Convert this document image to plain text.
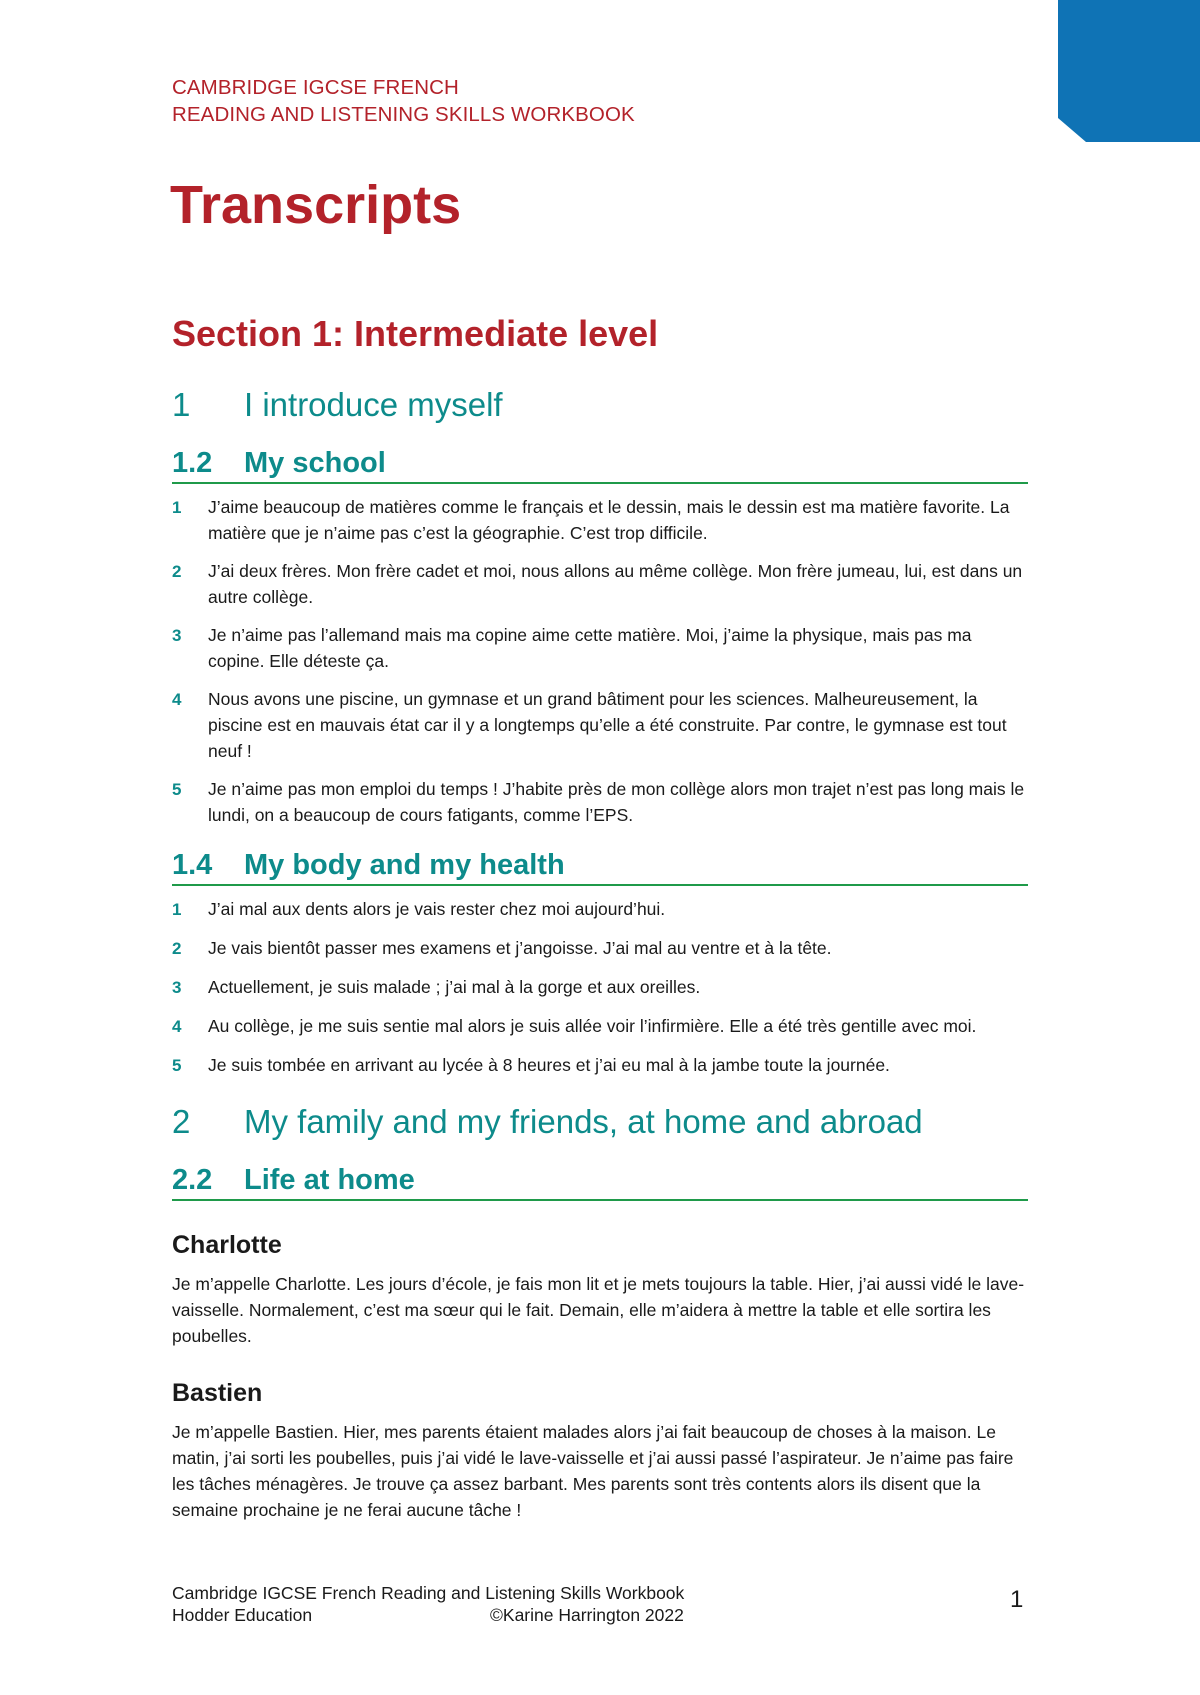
CAMBRIDGE IGCSE FRENCH
READING AND LISTENING SKILLS WORKBOOK
Transcripts
Section 1: Intermediate level
1	I introduce myself
1.2	My school
1	J’aime beaucoup de matières comme le français et le dessin, mais le dessin est ma matière favorite. La matière que je n’aime pas c’est la géographie. C’est trop difficile.
2	J’ai deux frères. Mon frère cadet et moi, nous allons au même collège. Mon frère jumeau, lui, est dans un autre collège.
3	Je n’aime pas l’allemand mais ma copine aime cette matière. Moi, j’aime la physique, mais pas ma copine. Elle déteste ça.
4	Nous avons une piscine, un gymnase et un grand bâtiment pour les sciences. Malheureusement, la piscine est en mauvais état car il y a longtemps qu’elle a été construite. Par contre, le gymnase est tout neuf !
5	Je n’aime pas mon emploi du temps ! J’habite près de mon collège alors mon trajet n’est pas long mais le lundi, on a beaucoup de cours fatigants, comme l’EPS.
1.4	My body and my health
1	J’ai mal aux dents alors je vais rester chez moi aujourd’hui.
2	Je vais bientôt passer mes examens et j’angoisse. J’ai mal au ventre et à la tête.
3	Actuellement, je suis malade ; j’ai mal à la gorge et aux oreilles.
4	Au collège, je me suis sentie mal alors je suis allée voir l’infirmière. Elle a été très gentille avec moi.
5	Je suis tombée en arrivant au lycée à 8 heures et j’ai eu mal à la jambe toute la journée.
2	My family and my friends, at home and abroad
2.2	Life at home
Charlotte

Je m’appelle Charlotte. Les jours d’école, je fais mon lit et je mets toujours la table. Hier, j’ai aussi vidé le lave-vaisselle. Normalement, c’est ma sœur qui le fait. Demain, elle m’aidera à mettre la table et elle sortira les poubelles.

Bastien

Je m’appelle Bastien. Hier, mes parents étaient malades alors j’ai fait beaucoup de choses à la maison. Le matin, j’ai sorti les poubelles, puis j’ai vidé le lave-vaisselle et j’ai aussi passé l’aspirateur. Je n’aime pas faire les tâches ménagères. Je trouve ça assez barbant. Mes parents sont très contents alors ils disent que la semaine prochaine je ne ferai aucune tâche !

Cambridge IGCSE French Reading and Listening Skills Workbook
Hodder Education	©Karine Harrington 2022
1
